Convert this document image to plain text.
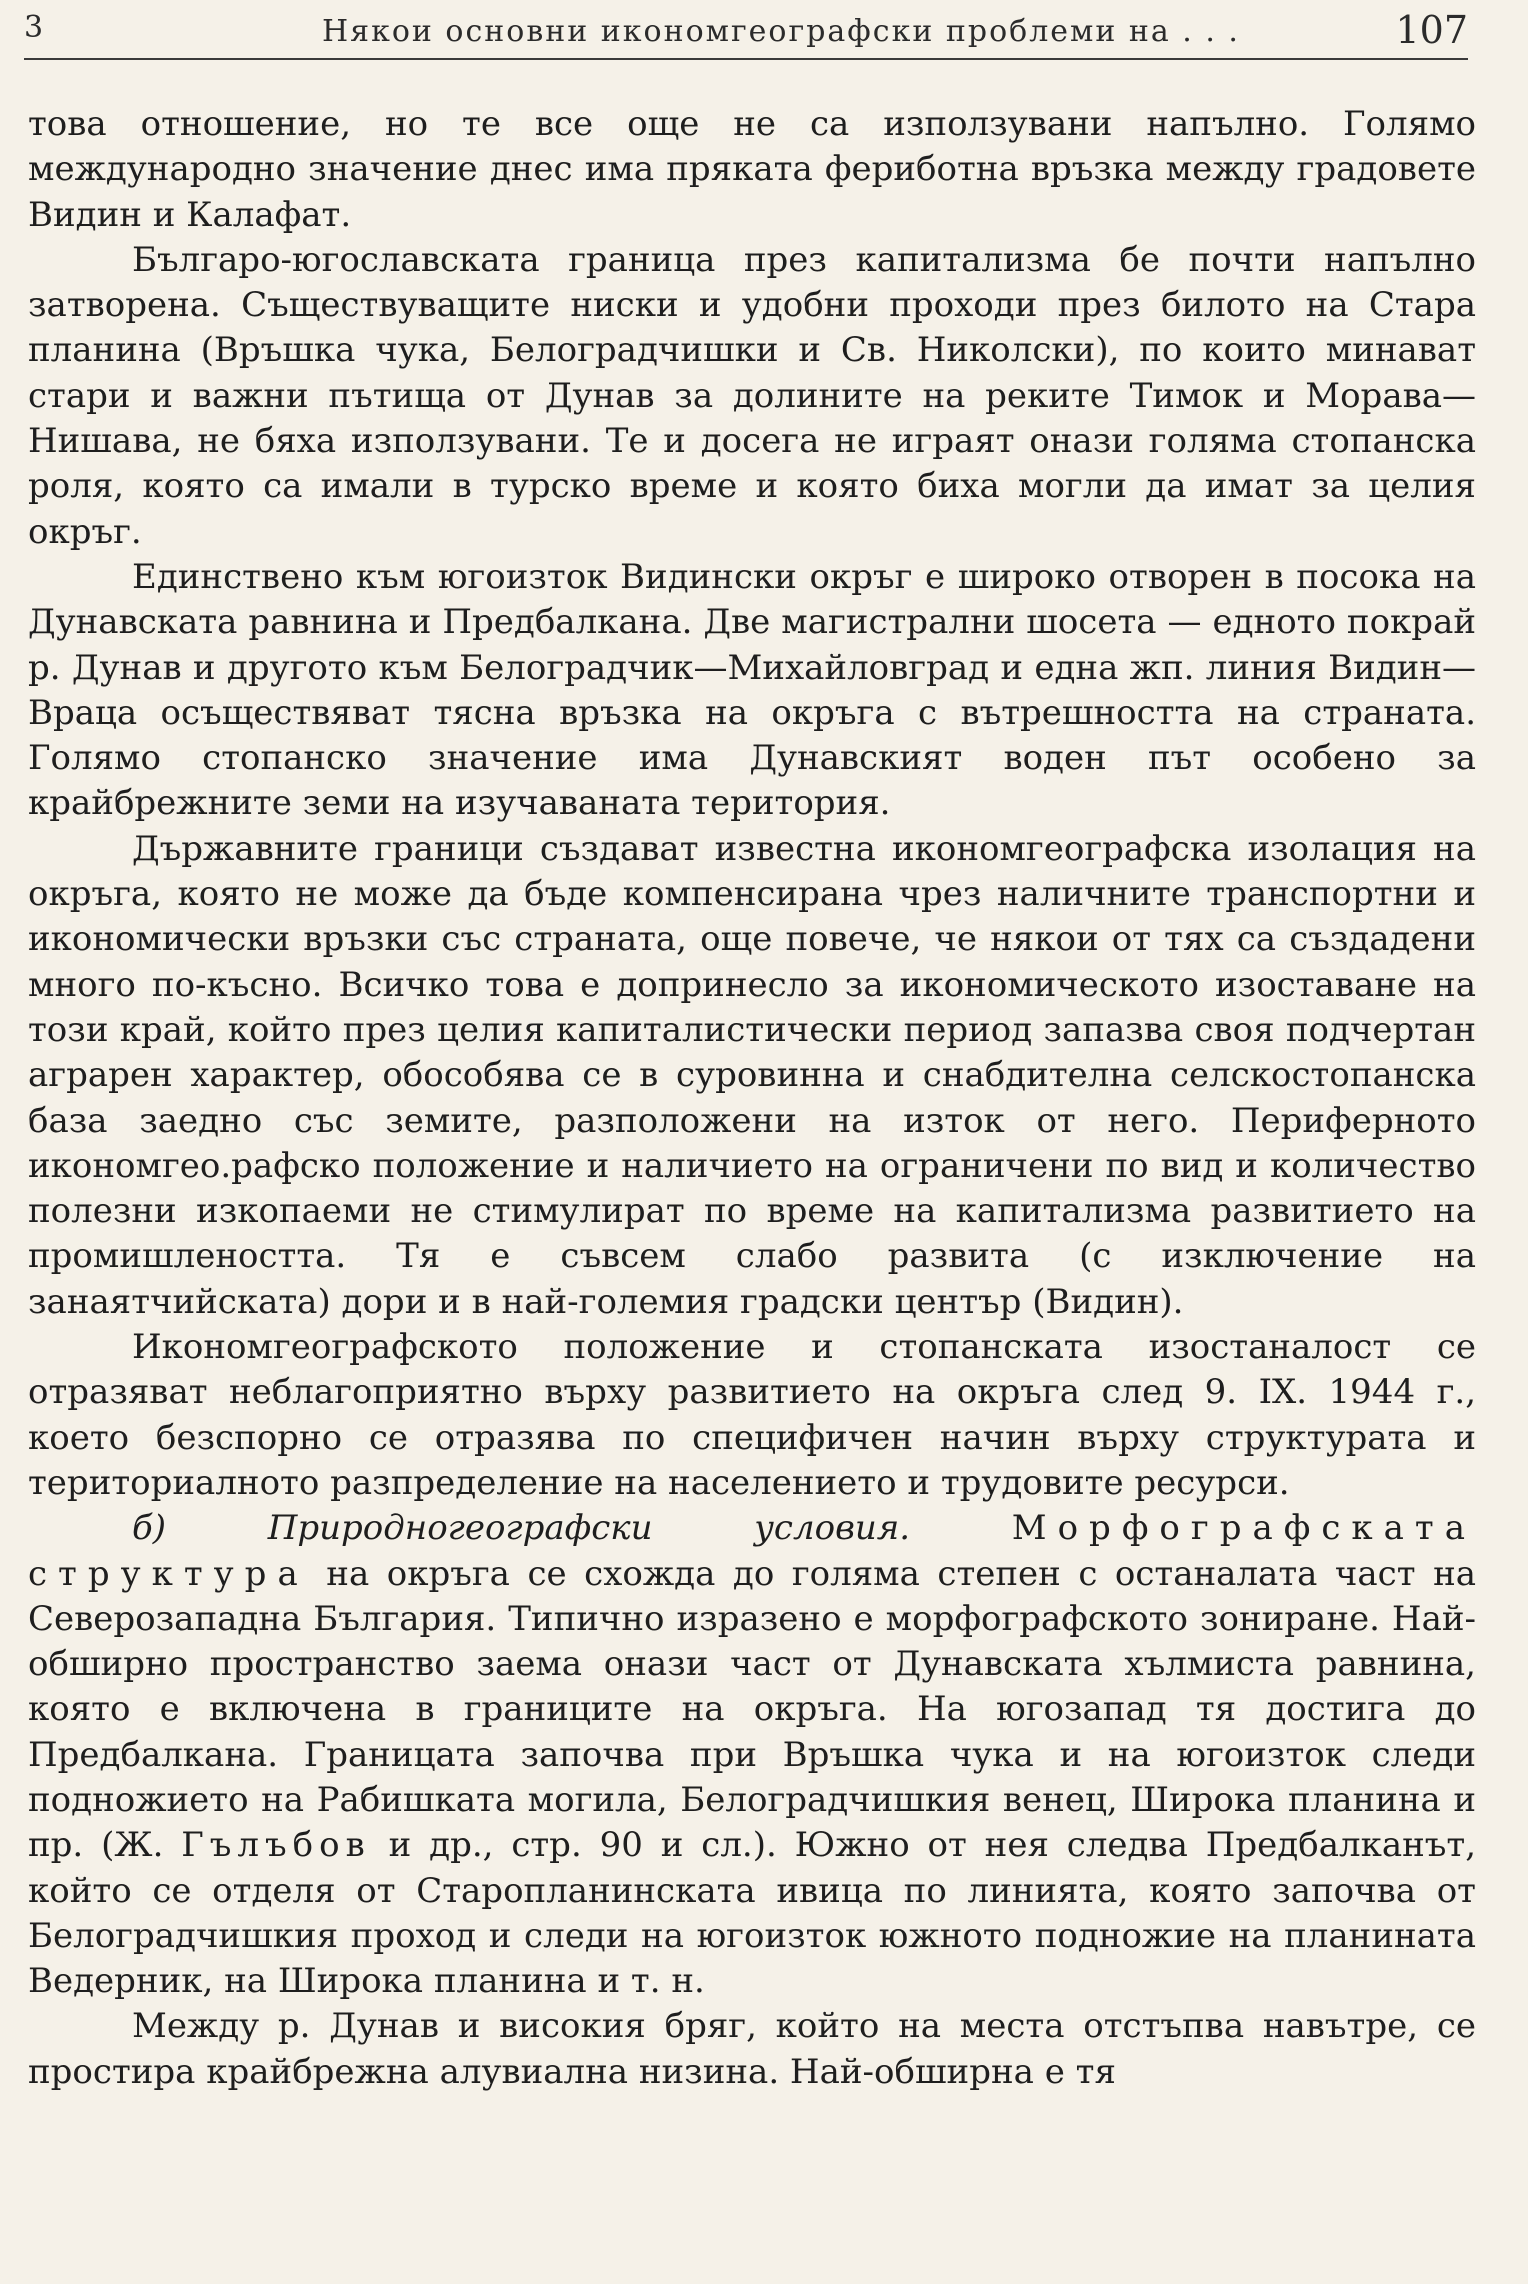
3	Някои основни икономгеографски проблеми на . . .	107

това отношение, но те все още не са използувани напълно. Голямо международно значение днес има пряката фериботна връзка между градовете Видин и Калафат.

Българо-югославската граница през капитализма бе почти напълно затворена. Съществуващите ниски и удобни проходи през билото на Стара планина (Връшка чука, Белоградчишки и Св. Николски), по които минават стари и важни пътища от Дунав за долините на реките Тимок и Морава—Нишава, не бяха използувани. Те и досега не играят онази голяма стопанска роля, която са имали в турско време и която биха могли да имат за целия окръг.

Единствено към югоизток Видински окръг е широко отворен в посока на Дунавската равнина и Предбалкана. Две магистрални шосета — едното покрай р. Дунав и другото към Белоградчик—Михайловград и една жп. линия Видин—Враца осъществяват тясна връзка на окръга с вътрешността на страната. Голямо стопанско значение има Дунавският воден път особено за крайбрежните земи на изучаваната територия.

Държавните граници създават известна икономгеографска изолация на окръга, която не може да бъде компенсирана чрез наличните транспортни и икономически връзки със страната, още повече, че някои от тях са създадени много по-късно. Всичко това е допринесло за икономическото изоставане на този край, който през целия капиталистически период запазва своя подчертан аграрен характер, обособява се в суровинна и снабдителна селскостопанска база заедно със земите, разположени на изток от него. Периферното икономгео.рафско положение и наличието на ограничени по вид и количество полезни изкопаеми не стимулират по време на капитализма развитието на промишлеността. Тя е съвсем слабо развита (с изключение на занаятчийската) дори и в най-големия градски център (Видин).

Икономгеографското положение и стопанската изостаналост се отразяват неблагоприятно върху развитието на окръга след 9. IX. 1944 г., което безспорно се отразява по специфичен начин върху структурата и териториалното разпределение на населението и трудовите ресурси.

б) Природногеографски условия.	Морфографската структура на окръга се схожда до голяма степен с останалата част на Северозападна България. Типично изразено е морфографското зониране. Най-обширно пространство заема онази част от Дунавската хълмиста равнина, която е включена в границите на окръга. На югозапад тя достига до Предбалкана. Границата започва при Връшка чука и на югоизток следи подножието на Рабишката могила, Белоградчишкия венец, Широка планина и пр. (Ж. Гълъбов и др., стр. 90 и сл.). Южно от нея следва Предбалканът, който се отделя от Старопланинската ивица по линията, която започва от Белоградчишкия проход и следи на югоизток южното подножие на планината Ведерник, на Широка планина и т. н.

Между р. Дунав и високия бряг, който на места отстъпва навътре, се простира крайбрежна алувиална низина. Най-обширна е тя
